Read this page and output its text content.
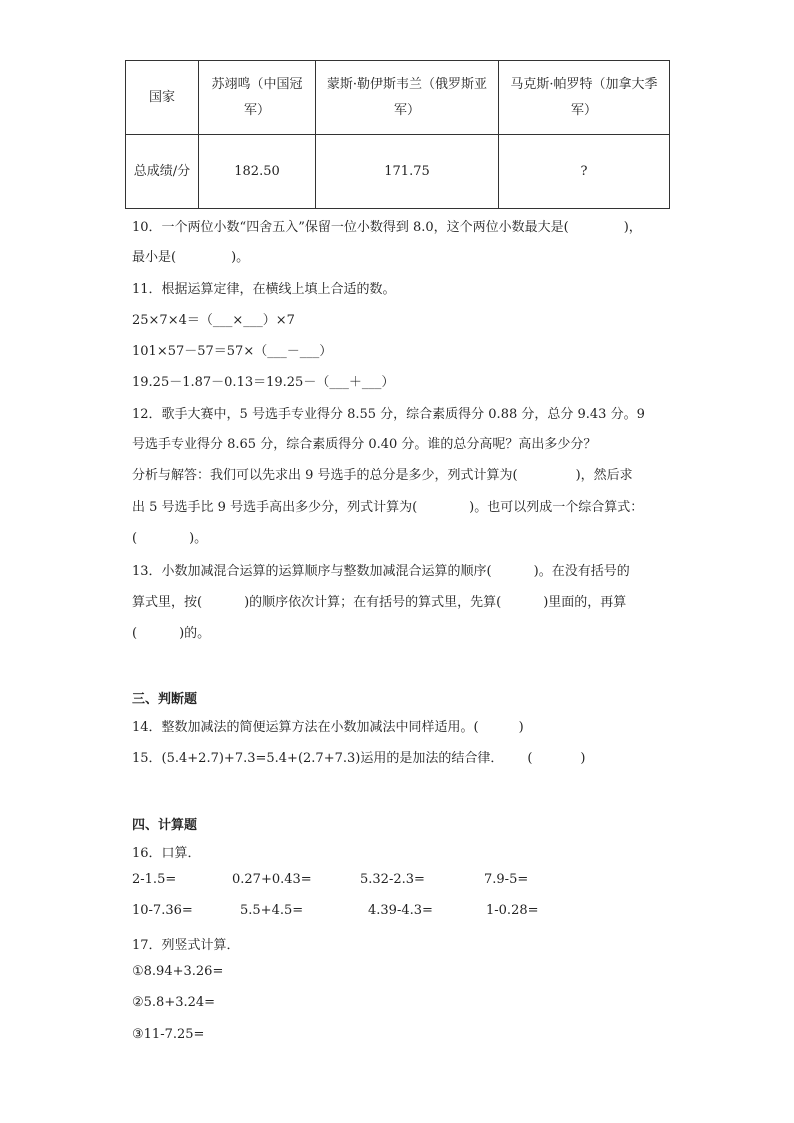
国家	苏翊鸣（中国冠军）	蒙斯·勒伊斯韦兰（俄罗斯亚军）	马克斯·帕罗特（加拿大季军）
总成绩/分	182.50	171.75	?
10．一个两位小数“四舍五入”保留一位小数得到 8.0，这个两位小数最大是(	)，
最小是(	)。
11．根据运算定律，在横线上填上合适的数。
25×7×4＝（___×___）×7
101×57－57＝57×（___－___）
19.25－1.87－0.13＝19.25－（___＋___）
12．歌手大赛中，5 号选手专业得分 8.55 分，综合素质得分 0.88 分，总分 9.43 分。9
号选手专业得分 8.65 分，综合素质得分 0.40 分。谁的总分高呢？高出多少分？
分析与解答：我们可以先求出 9 号选手的总分是多少，列式计算为(	)，然后求
出 5 号选手比 9 号选手高出多少分，列式计算为(	)。也可以列成一个综合算式：
(	)。
13．小数加减混合运算的运算顺序与整数加减混合运算的顺序(	)。在没有括号的
算式里，按(	)的顺序依次计算；在有括号的算式里，先算(	)里面的，再算
(	)的。
三、判断题
14．整数加减法的简便运算方法在小数加减法中同样适用。(	)
15．(5.4+2.7)+7.3=5.4+(2.7+7.3)运用的是加法的结合律． (	)
四、计算题
16．口算．
2-1.5=	0.27+0.43=	5.32-2.3=	7.9-5=
10-7.36=	5.5+4.5=	4.39-4.3=	1-0.28=
17．列竖式计算．
①8.94+3.26=
②5.8+3.24=
③11-7.25=
